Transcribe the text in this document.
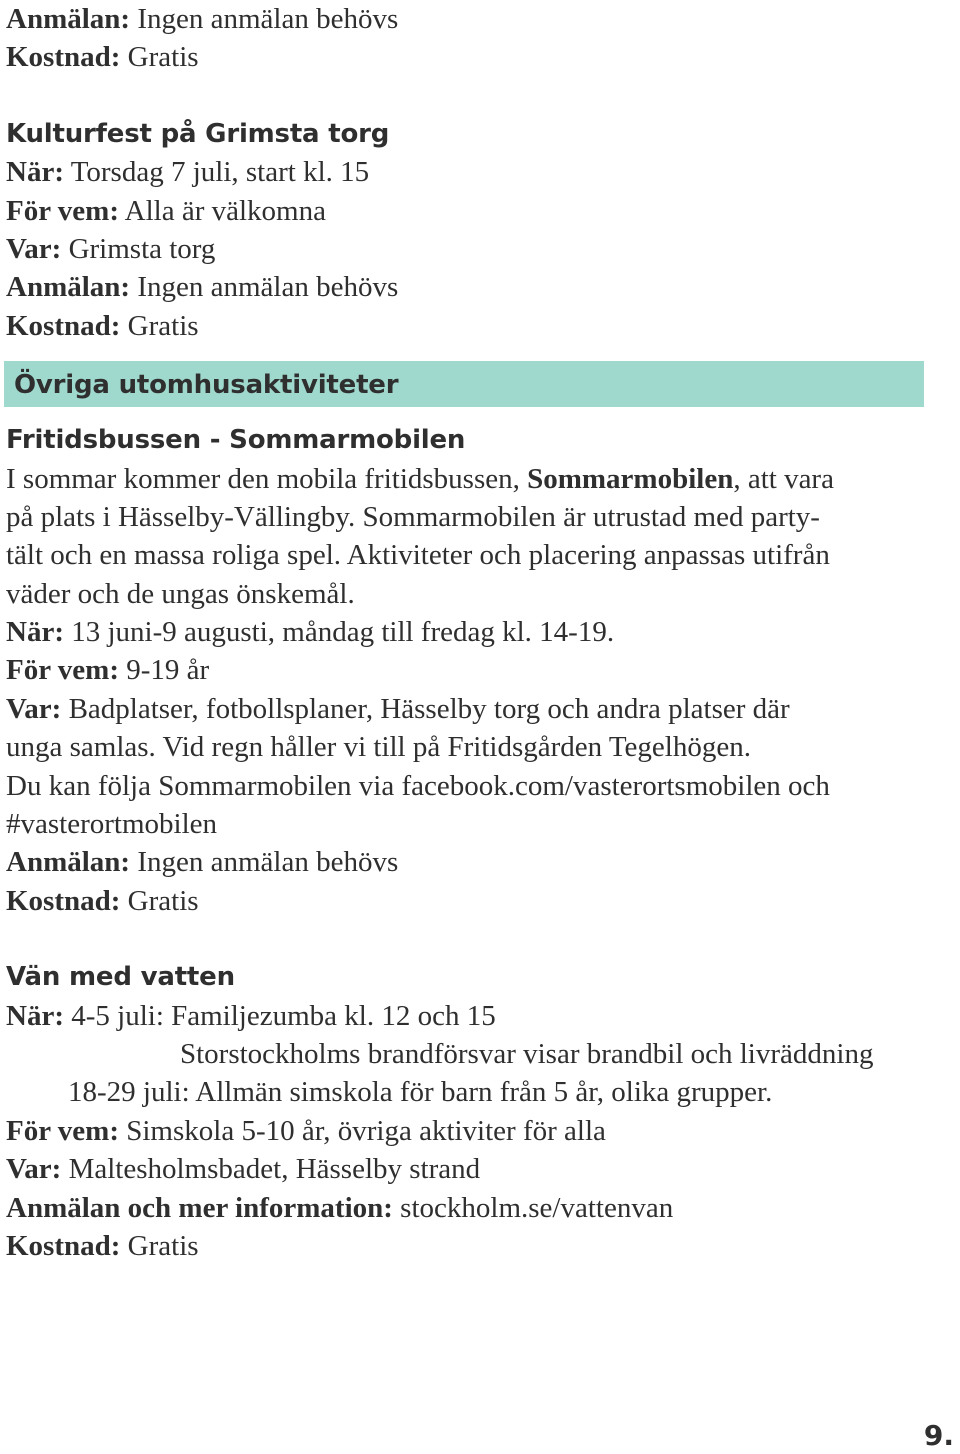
Anmälan: Ingen anmälan behövs
Kostnad: Gratis
Kulturfest på Grimsta torg
När: Torsdag 7 juli, start kl. 15
För vem: Alla är välkomna
Var: Grimsta torg
Anmälan: Ingen anmälan behövs
Kostnad: Gratis
Övriga utomhusaktiviteter
Fritidsbussen - Sommarmobilen
I sommar kommer den mobila fritidsbussen, Sommarmobilen, att vara
på plats i Hässelby-Vällingby. Sommarmobilen är utrustad med party-
tält och en massa roliga spel. Aktiviteter och placering anpassas utifrån
väder och de ungas önskemål.
När: 13 juni-9 augusti, måndag till fredag kl. 14-19.
För vem: 9-19 år
Var: Badplatser, fotbollsplaner, Hässelby torg och andra platser där
unga samlas. Vid regn håller vi till på Fritidsgården Tegelhögen.
Du kan följa Sommarmobilen via facebook.com/vasterortsmobilen och
#vasterortmobilen
Anmälan: Ingen anmälan behövs
Kostnad: Gratis
Vän med vatten
När: 4-5 juli: Familjezumba kl. 12 och 15
Storstockholms brandförsvar visar brandbil och livräddning
18-29 juli: Allmän simskola för barn från 5 år, olika grupper.
För vem: Simskola 5-10 år, övriga aktiviter för alla
Var: Maltesholmsbadet, Hässelby strand
Anmälan och mer information: stockholm.se/vattenvan
Kostnad: Gratis
9.
